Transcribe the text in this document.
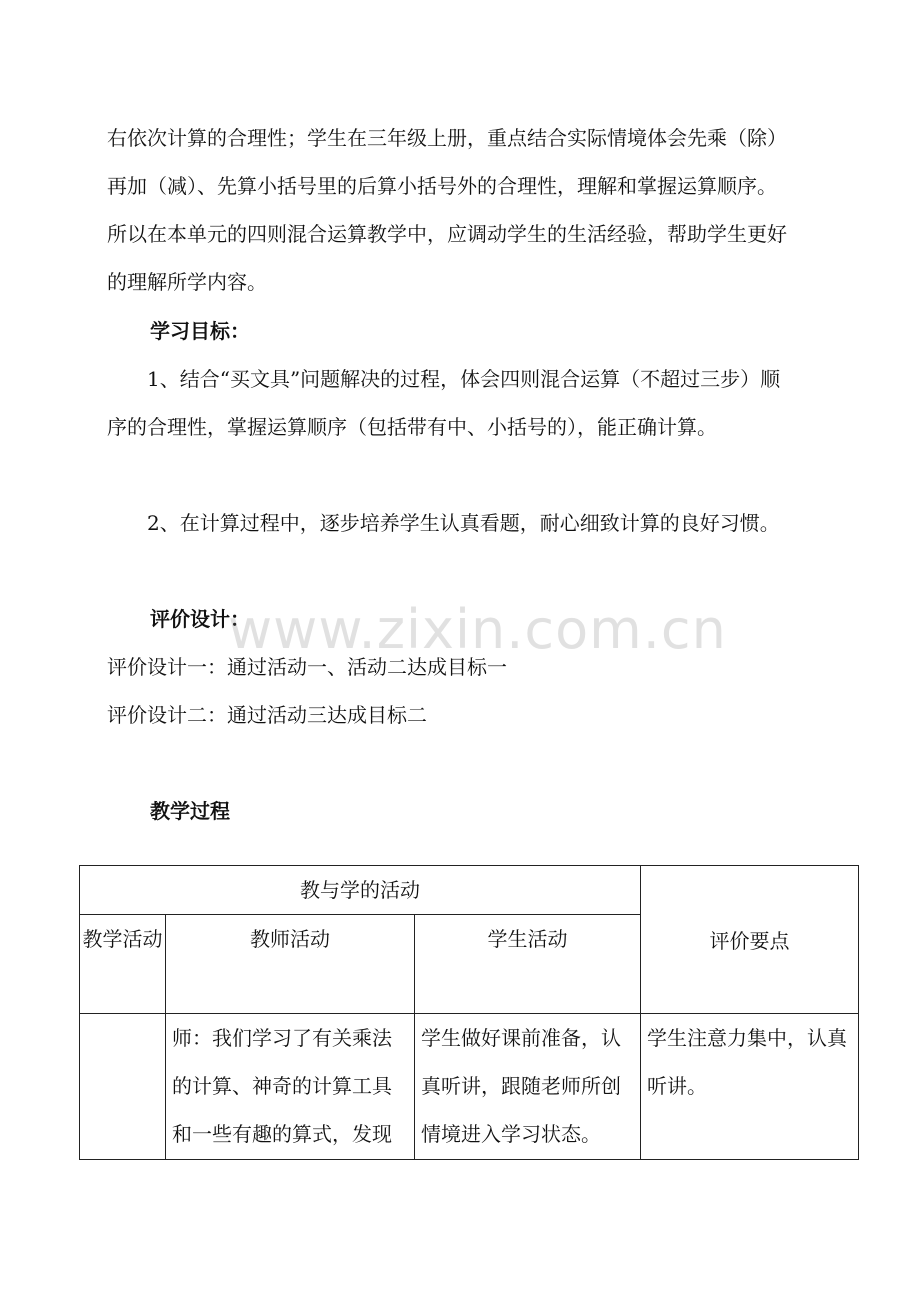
右依次计算的合理性；学生在三年级上册，重点结合实际情境体会先乘（除）再加（减）、先算小括号里的后算小括号外的合理性，理解和掌握运算顺序。所以在本单元的四则混合运算教学中，应调动学生的生活经验，帮助学生更好的理解所学内容。

学习目标：

1、结合“买文具”问题解决的过程，体会四则混合运算（不超过三步）顺序的合理性，掌握运算顺序（包括带有中、小括号的），能正确计算。

2、在计算过程中，逐步培养学生认真看题，耐心细致计算的良好习惯。

评价设计：

评价设计一：通过活动一、活动二达成目标一

评价设计二：通过活动三达成目标二

www.zixin.com.cn

教学过程

教与学的活动			评价要点
教学活动	教师活动	学生活动	
	师：我们学习了有关乘法的计算、神奇的计算工具和一些有趣的算式，发现	学生做好课前准备，认真听讲，跟随老师所创情境进入学习状态。	学生注意力集中，认真听讲。
